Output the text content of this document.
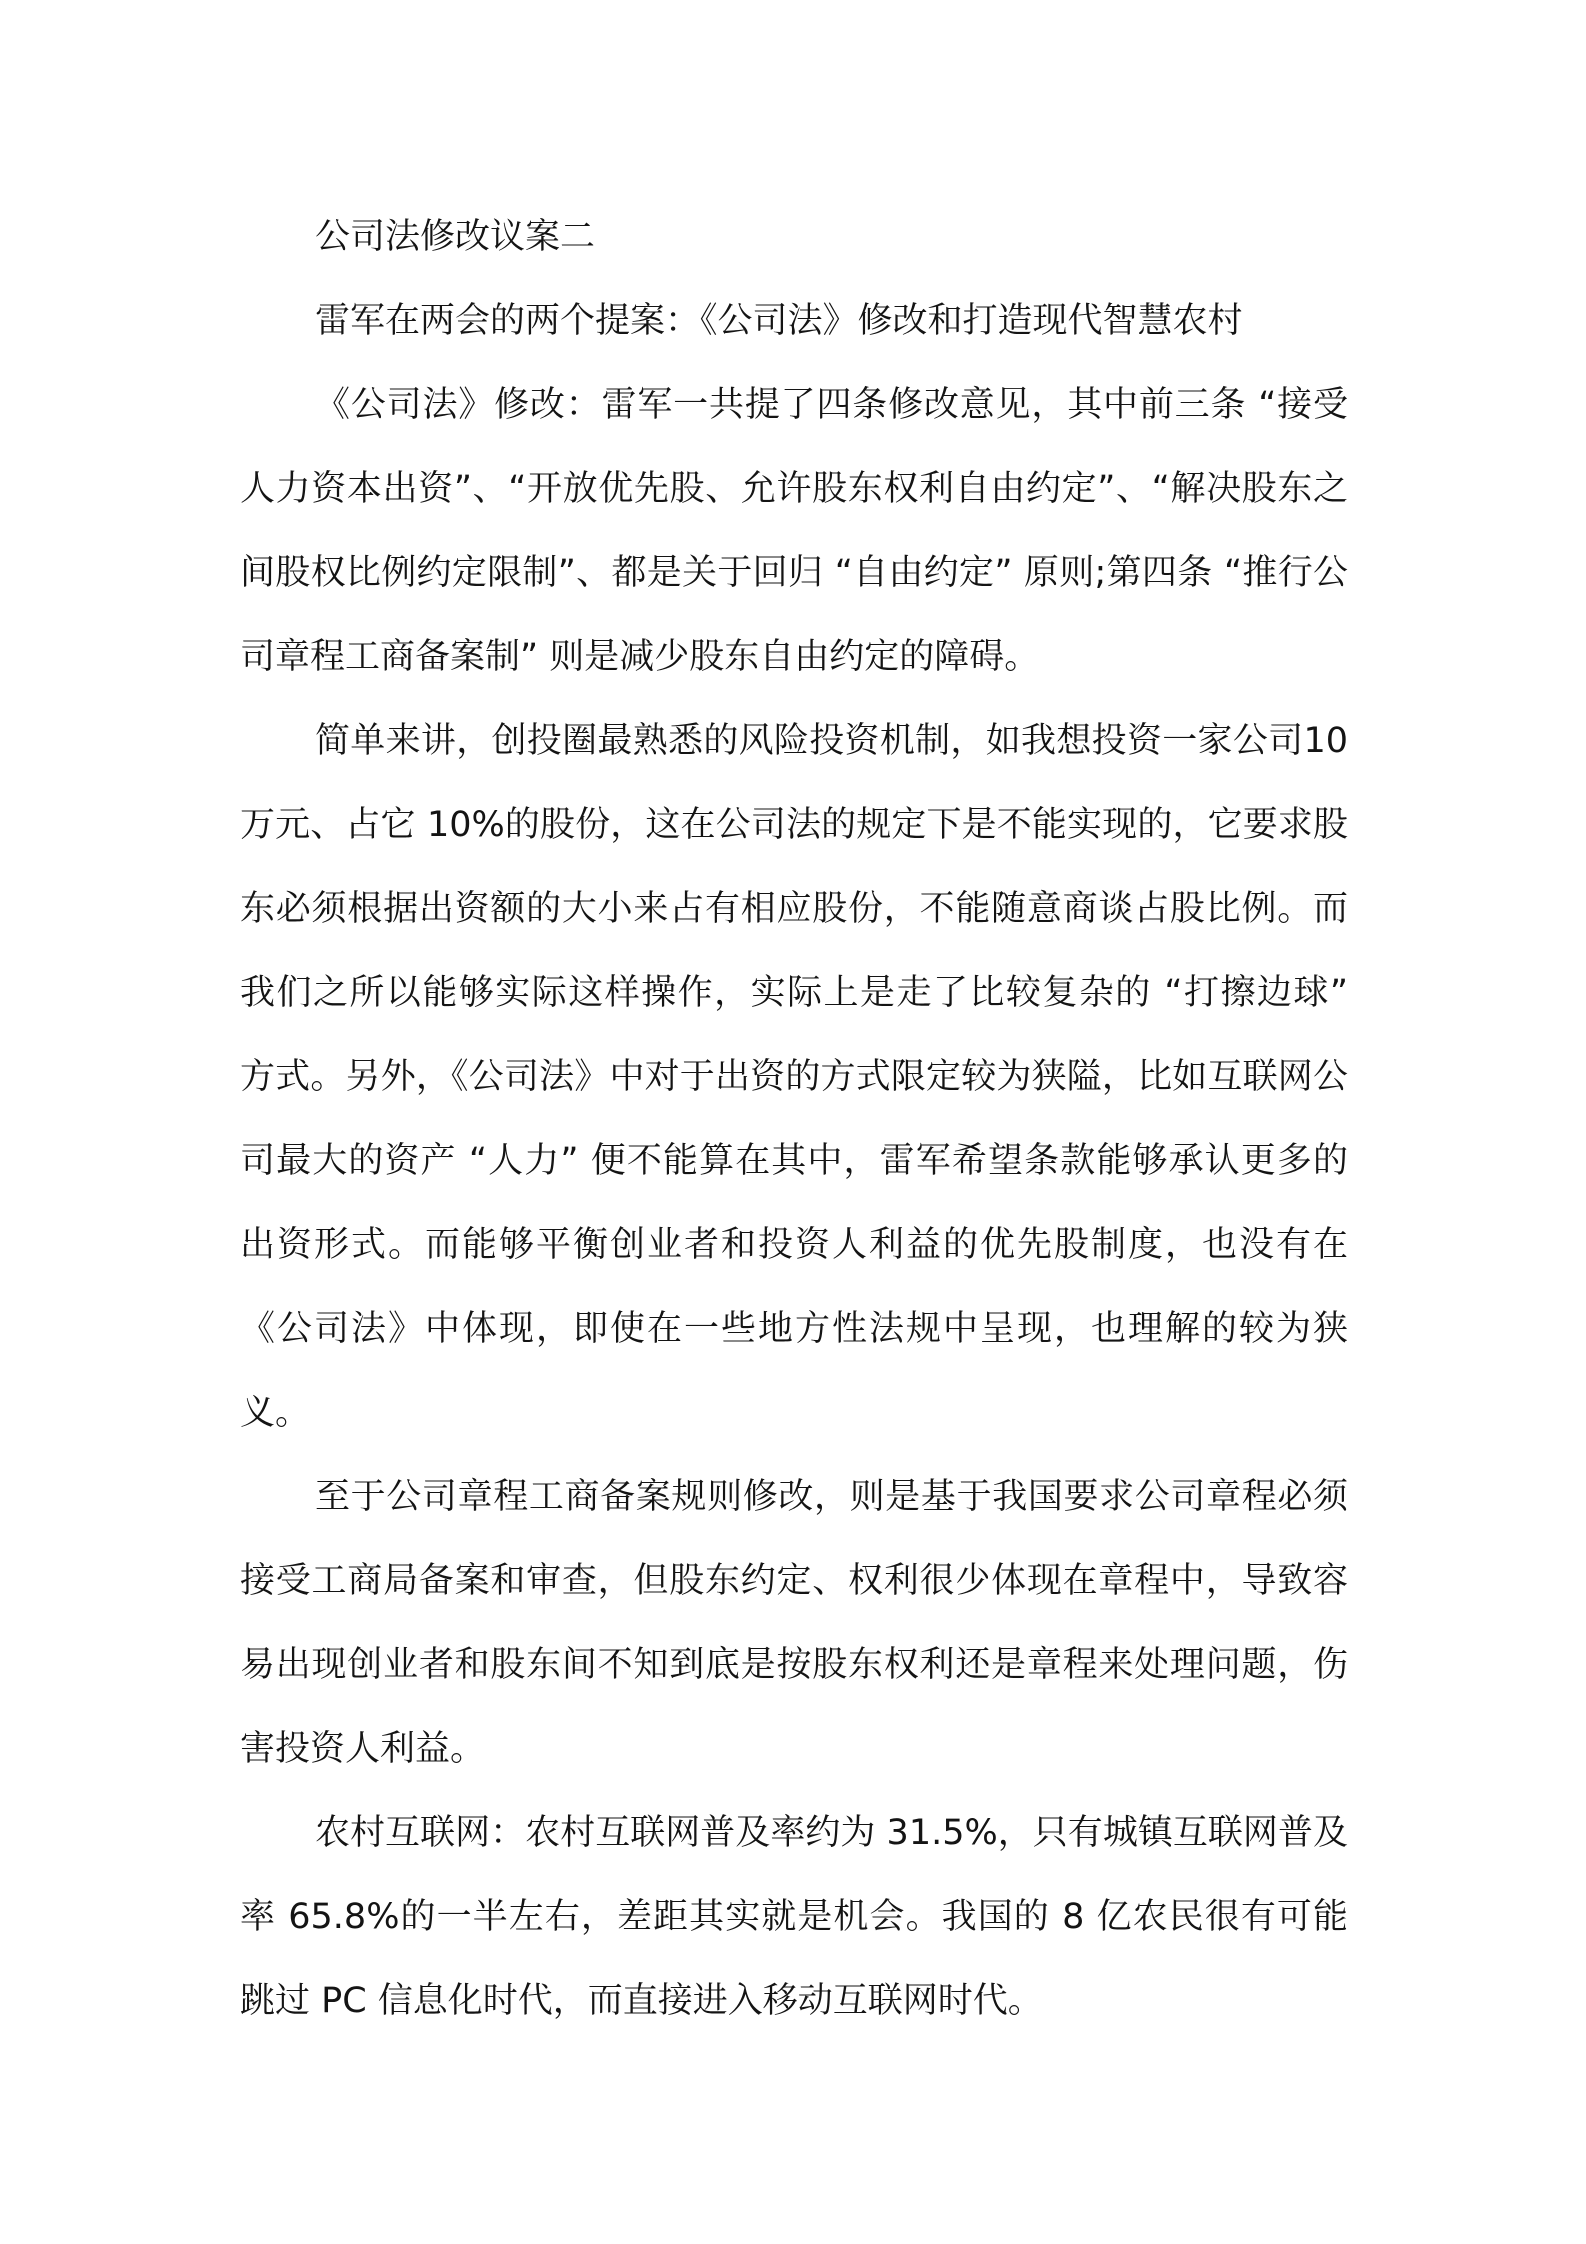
公司法修改议案二

雷军在两会的两个提案：《公司法》修改和打造现代智慧农村

《公司法》修改：雷军一共提了四条修改意见，其中前三条 “接受人力资本出资”、“开放优先股、允许股东权利自由约定”、“解决股东之间股权比例约定限制”、都是关于回归 “自由约定” 原则;第四条 “推行公司章程工商备案制” 则是减少股东自由约定的障碍。

简单来讲，创投圈最熟悉的风险投资机制，如我想投资一家公司10 万元、占它 10%的股份，这在公司法的规定下是不能实现的，它要求股东必须根据出资额的大小来占有相应股份，不能随意商谈占股比例。而我们之所以能够实际这样操作，实际上是走了比较复杂的 “打擦边球” 方式。另外，《公司法》中对于出资的方式限定较为狭隘，比如互联网公司最大的资产 “人力” 便不能算在其中，雷军希望条款能够承认更多的出资形式。而能够平衡创业者和投资人利益的优先股制度，也没有在《公司法》中体现，即使在一些地方性法规中呈现，也理解的较为狭义。

至于公司章程工商备案规则修改，则是基于我国要求公司章程必须接受工商局备案和审查，但股东约定、权利很少体现在章程中，导致容易出现创业者和股东间不知到底是按股东权利还是章程来处理问题，伤害投资人利益。

农村互联网：农村互联网普及率约为 31.5%，只有城镇互联网普及率 65.8%的一半左右，差距其实就是机会。我国的 8 亿农民很有可能跳过 PC 信息化时代，而直接进入移动互联网时代。
